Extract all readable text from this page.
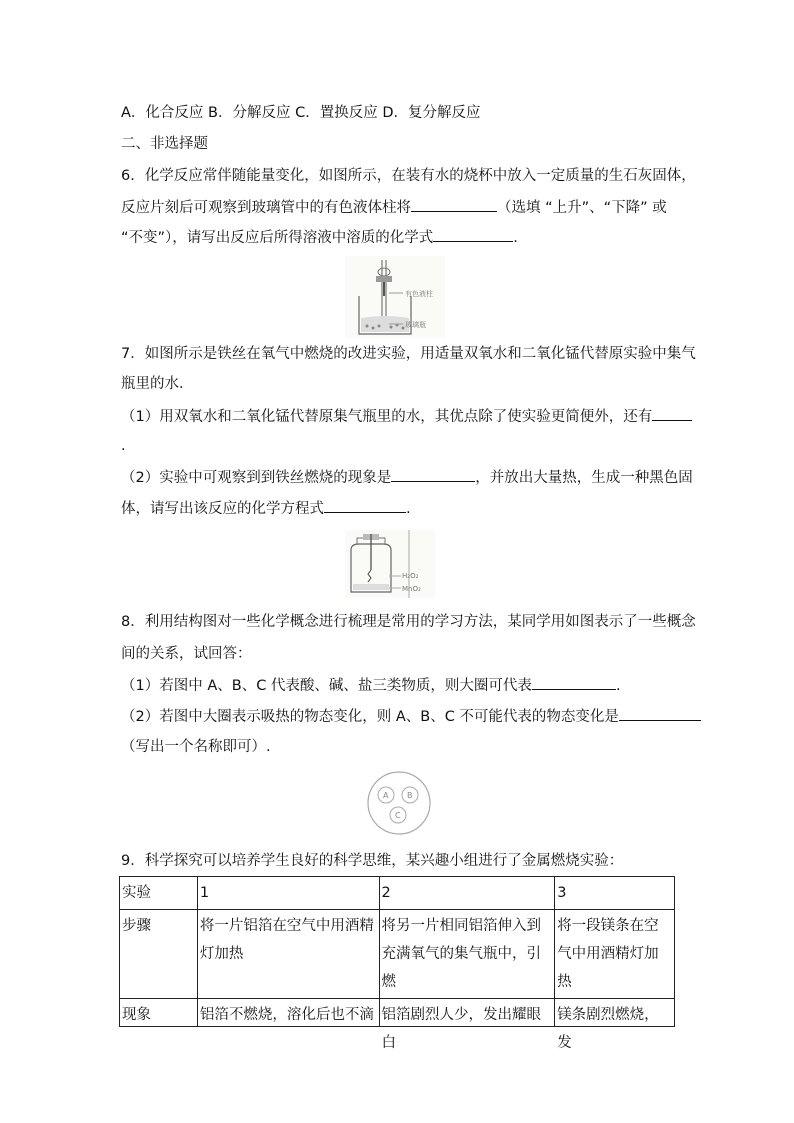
A．化合反应 B．分解反应 C．置换反应 D．复分解反应
二、非选择题
6．化学反应常伴随能量变化，如图所示，在装有水的烧杯中放入一定质量的生石灰固体，
反应片刻后可观察到玻璃管中的有色液体柱将	（选填 “上升”、“下降” 或
“不变”），请写出反应后所得溶液中溶质的化学式	.
有色液柱
玻璃瓶
7．如图所示是铁丝在氧气中燃烧的改进实验，用适量双氧水和二氧化锰代替原实验中集气
瓶里的水．
（1）用双氧水和二氧化锰代替原集气瓶里的水，其优点除了使实验更简便外，还有
.
（2）实验中可观察到到铁丝燃烧的现象是	，并放出大量热，生成一种黑色固
体，请写出该反应的化学方程式	.
H₂O₂
MnO₂
8．利用结构图对一些化学概念进行梳理是常用的学习方法，某同学用如图表示了一些概念
间的关系，试回答：
（1）若图中 A、B、C 代表酸、碱、盐三类物质，则大圈可代表	.
（2）若图中大圈表示吸热的物态变化，则 A、B、C 不可能代表的物态变化是
（写出一个名称即可）.
A B
C
9．科学探究可以培养学生良好的科学思维，某兴趣小组进行了金属燃烧实验：
实验	1	2	3
步骤	将一片铝箔在空气中用酒精灯加热	将另一片相同铝箔伸入到充满氧气的集气瓶中，引燃	将一段镁条在空气中用酒精灯加热

现象	铝箔不燃烧，溶化后也不滴	铝箔剧烈人少，发出耀眼白	镁条剧烈燃烧，发
